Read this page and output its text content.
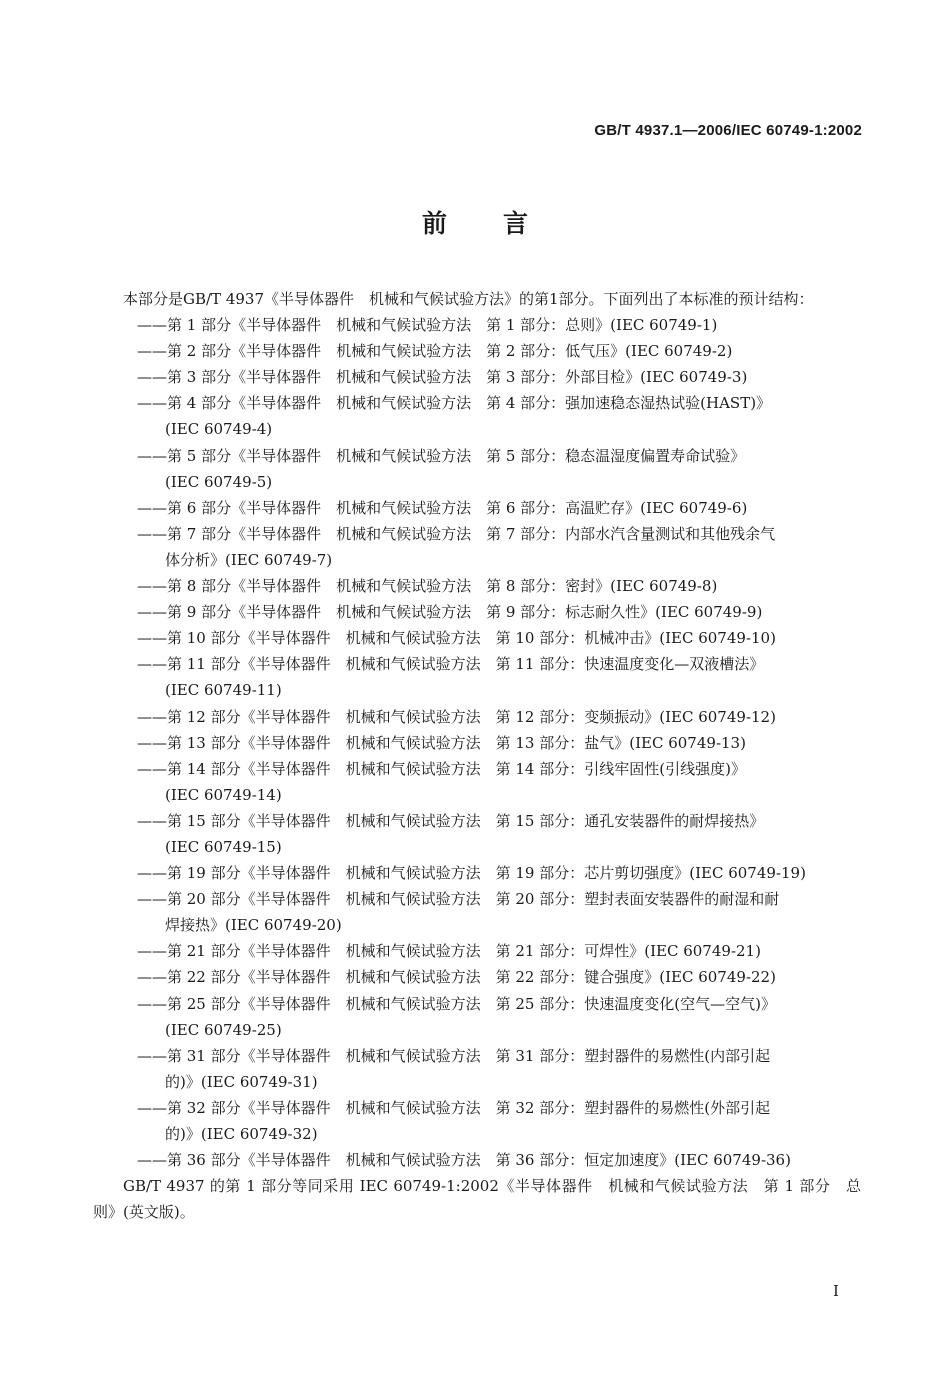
GB/T 4937.1—2006/IEC 60749-1:2002
前言

本部分是GB/T 4937《半导体器件　机械和气候试验方法》的第1部分。下面列出了本标准的预计结构：

——第 1 部分《半导体器件　机械和气候试验方法　第 1 部分：总则》(IEC 60749-1)
——第 2 部分《半导体器件　机械和气候试验方法　第 2 部分：低气压》(IEC 60749-2)
——第 3 部分《半导体器件　机械和气候试验方法　第 3 部分：外部目检》(IEC 60749-3)
——第 4 部分《半导体器件　机械和气候试验方法　第 4 部分：强加速稳态湿热试验(HAST)》
(IEC 60749-4)
——第 5 部分《半导体器件　机械和气候试验方法　第 5 部分：稳态温湿度偏置寿命试验》
(IEC 60749-5)
——第 6 部分《半导体器件　机械和气候试验方法　第 6 部分：高温贮存》(IEC 60749-6)
——第 7 部分《半导体器件　机械和气候试验方法　第 7 部分：内部水汽含量测试和其他残余气
体分析》(IEC 60749-7)
——第 8 部分《半导体器件　机械和气候试验方法　第 8 部分：密封》(IEC 60749-8)
——第 9 部分《半导体器件　机械和气候试验方法　第 9 部分：标志耐久性》(IEC 60749-9)
——第 10 部分《半导体器件　机械和气候试验方法　第 10 部分：机械冲击》(IEC 60749-10)
——第 11 部分《半导体器件　机械和气候试验方法　第 11 部分：快速温度变化—双液槽法》
(IEC 60749-11)
——第 12 部分《半导体器件　机械和气候试验方法　第 12 部分：变频振动》(IEC 60749-12)
——第 13 部分《半导体器件　机械和气候试验方法　第 13 部分：盐气》(IEC 60749-13)
——第 14 部分《半导体器件　机械和气候试验方法　第 14 部分：引线牢固性(引线强度)》
(IEC 60749-14)
——第 15 部分《半导体器件　机械和气候试验方法　第 15 部分：通孔安装器件的耐焊接热》
(IEC 60749-15)
——第 19 部分《半导体器件　机械和气候试验方法　第 19 部分：芯片剪切强度》(IEC 60749-19)
——第 20 部分《半导体器件　机械和气候试验方法　第 20 部分：塑封表面安装器件的耐湿和耐
焊接热》(IEC 60749-20)
——第 21 部分《半导体器件　机械和气候试验方法　第 21 部分：可焊性》(IEC 60749-21)
——第 22 部分《半导体器件　机械和气候试验方法　第 22 部分：键合强度》(IEC 60749-22)
——第 25 部分《半导体器件　机械和气候试验方法　第 25 部分：快速温度变化(空气—空气)》
(IEC 60749-25)
——第 31 部分《半导体器件　机械和气候试验方法　第 31 部分：塑封器件的易燃性(内部引起
的)》(IEC 60749-31)
——第 32 部分《半导体器件　机械和气候试验方法　第 32 部分：塑封器件的易燃性(外部引起
的)》(IEC 60749-32)
——第 36 部分《半导体器件　机械和气候试验方法　第 36 部分：恒定加速度》(IEC 60749-36)

GB/T 4937 的第 1 部分等同采用 IEC 60749-1:2002《半导体器件　机械和气候试验方法　第 1 部分　总则》(英文版)。

I
